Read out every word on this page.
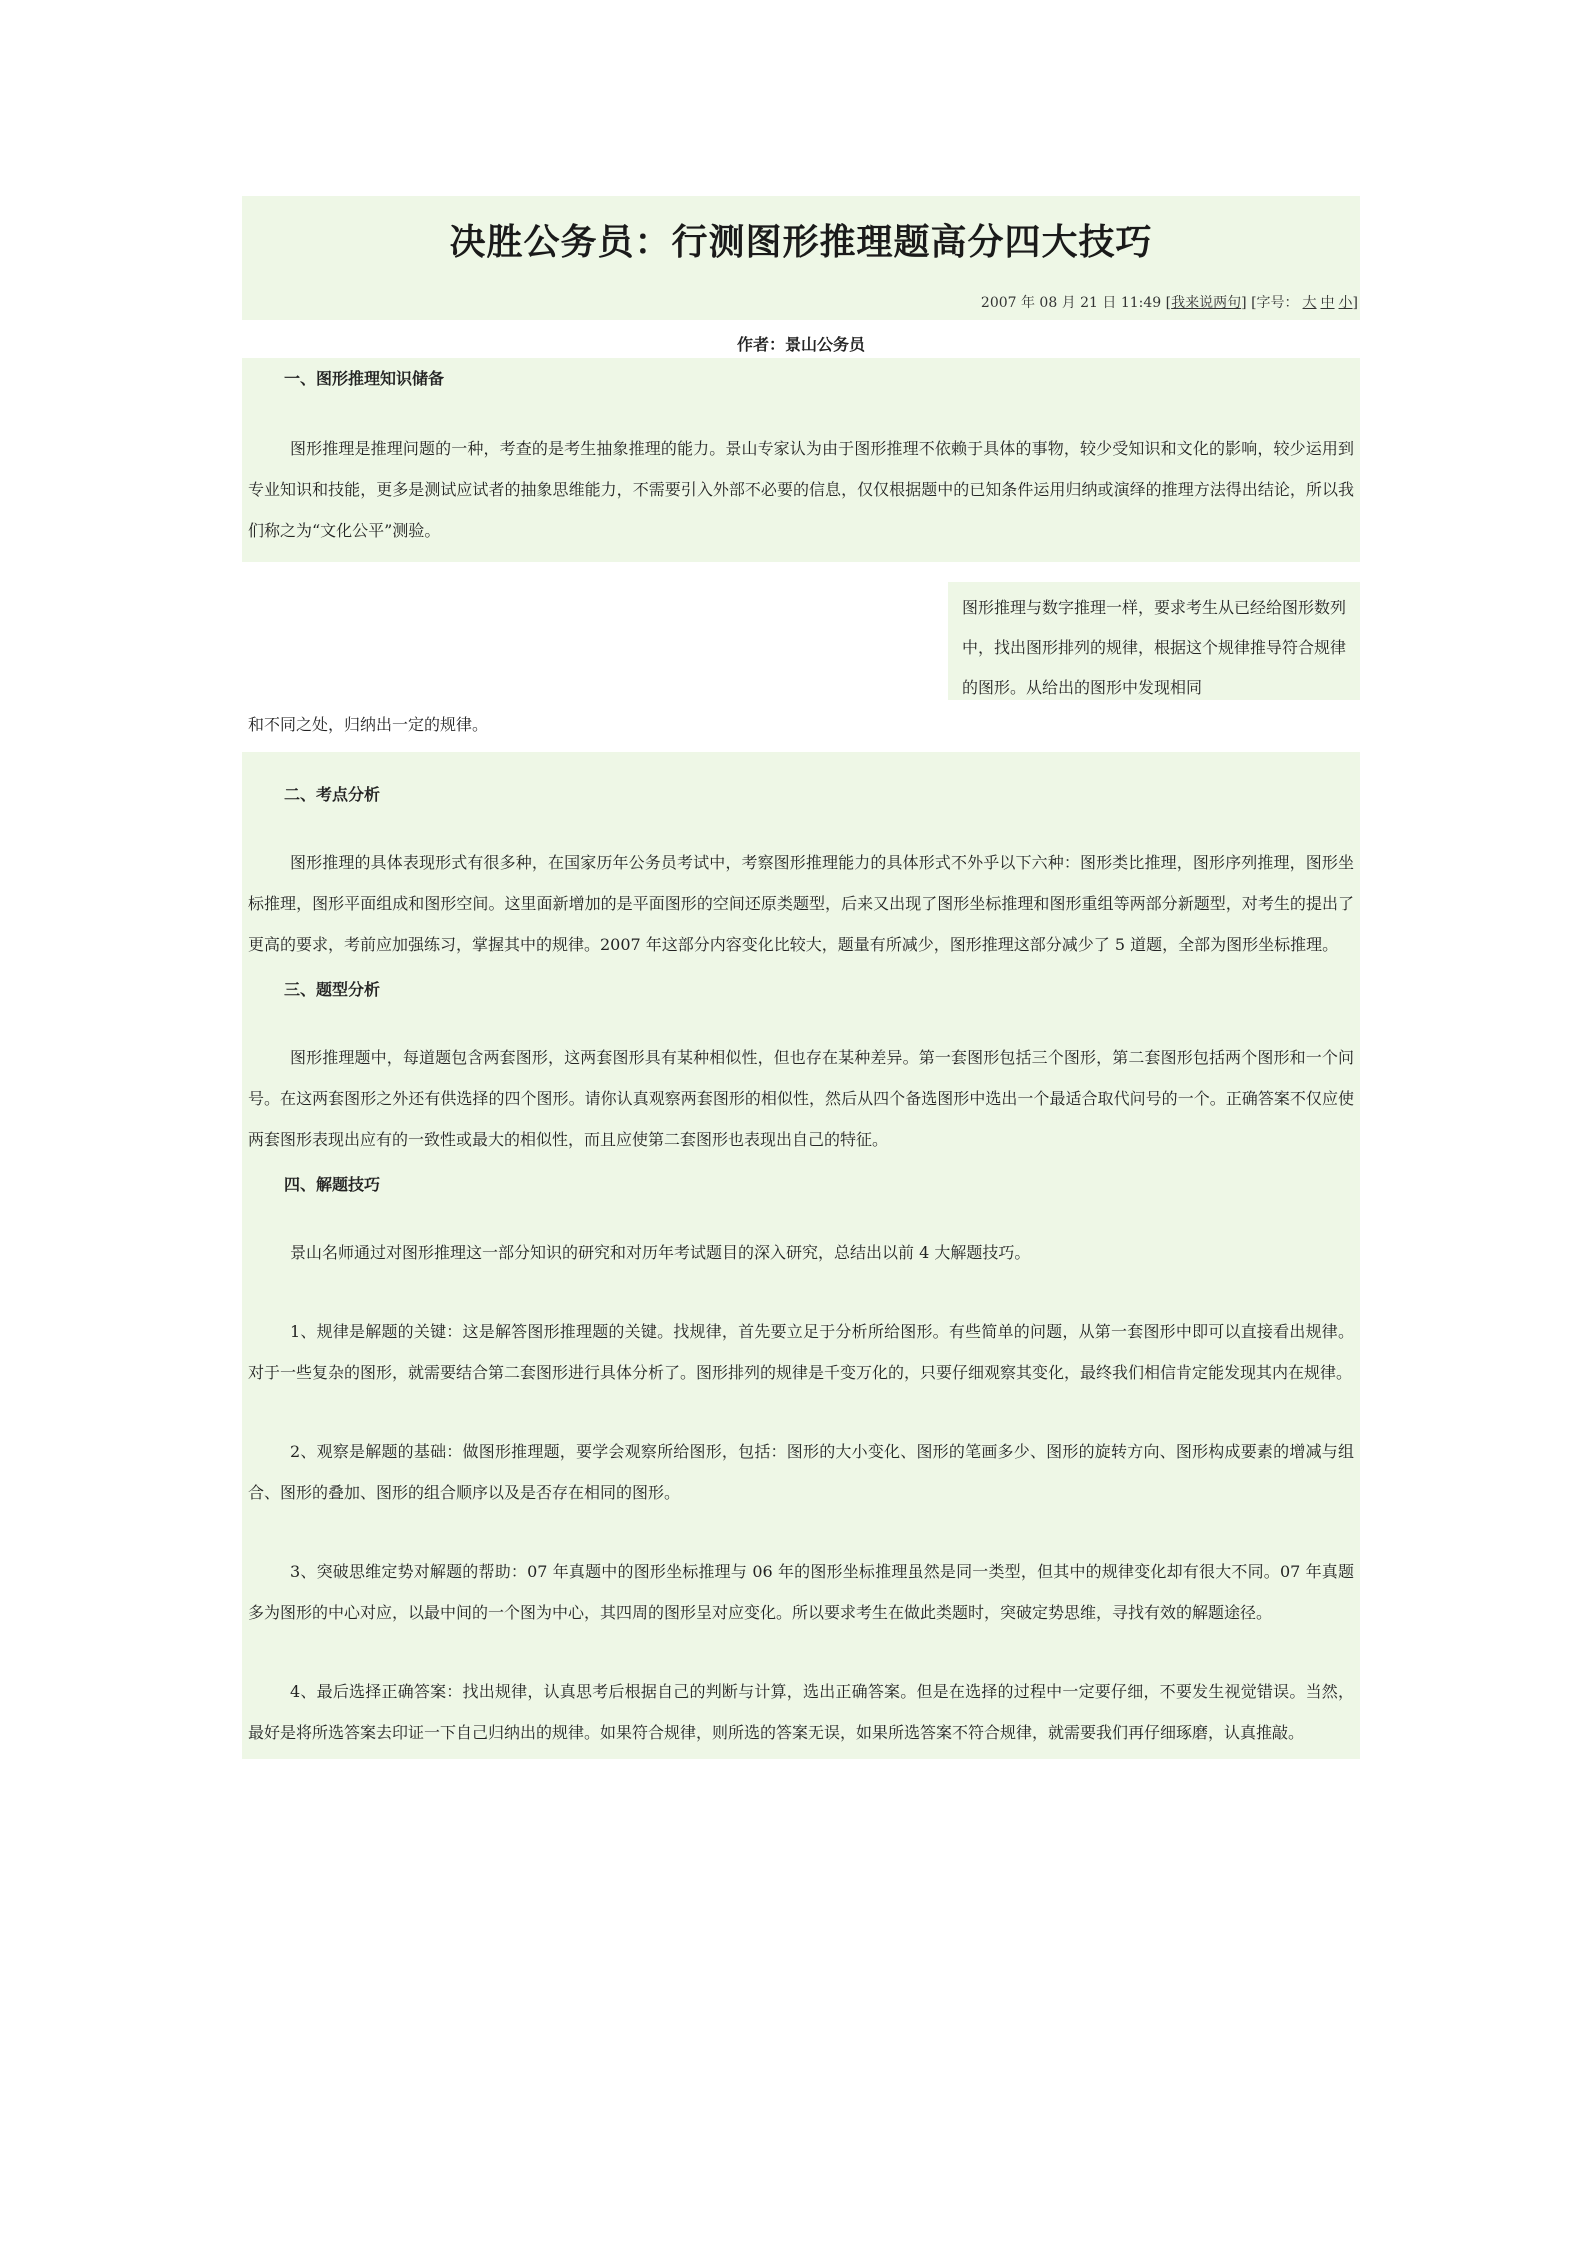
决胜公务员：行测图形推理题高分四大技巧
2007 年 08 月 21 日 11:49 [我来说两句] [字号： 大 中 小]
作者：景山公务员
一、图形推理知识储备

图形推理是推理问题的一种，考查的是考生抽象推理的能力。景山专家认为由于图形推理不依赖于具体的事物，较少受知识和文化的影响，较少运用到专业知识和技能，更多是测试应试者的抽象思维能力，不需要引入外部不必要的信息，仅仅根据题中的已知条件运用归纳或演绎的推理方法得出结论，所以我们称之为“文化公平”测验。

图形推理与数字推理一样，要求考生从已经给图形数列中，找出图形排列的规律，根据这个规律推导符合规律的图形。从给出的图形中发现相同

和不同之处，归纳出一定的规律。
二、考点分析

图形推理的具体表现形式有很多种，在国家历年公务员考试中，考察图形推理能力的具体形式不外乎以下六种：图形类比推理，图形序列推理，图形坐标推理，图形平面组成和图形空间。这里面新增加的是平面图形的空间还原类题型，后来又出现了图形坐标推理和图形重组等两部分新题型，对考生的提出了更高的要求，考前应加强练习，掌握其中的规律。2007 年这部分内容变化比较大，题量有所减少，图形推理这部分减少了 5 道题，全部为图形坐标推理。

三、题型分析

图形推理题中，每道题包含两套图形，这两套图形具有某种相似性，但也存在某种差异。第一套图形包括三个图形，第二套图形包括两个图形和一个问号。在这两套图形之外还有供选择的四个图形。请你认真观察两套图形的相似性，然后从四个备选图形中选出一个最适合取代问号的一个。正确答案不仅应使两套图形表现出应有的一致性或最大的相似性，而且应使第二套图形也表现出自己的特征。

四、解题技巧

景山名师通过对图形推理这一部分知识的研究和对历年考试题目的深入研究，总结出以前 4 大解题技巧。

1、规律是解题的关键：这是解答图形推理题的关键。找规律，首先要立足于分析所给图形。有些简单的问题，从第一套图形中即可以直接看出规律。对于一些复杂的图形，就需要结合第二套图形进行具体分析了。图形排列的规律是千变万化的，只要仔细观察其变化，最终我们相信肯定能发现其内在规律。

2、观察是解题的基础：做图形推理题，要学会观察所给图形，包括：图形的大小变化、图形的笔画多少、图形的旋转方向、图形构成要素的增减与组合、图形的叠加、图形的组合顺序以及是否存在相同的图形。

3、突破思维定势对解题的帮助：07 年真题中的图形坐标推理与 06 年的图形坐标推理虽然是同一类型，但其中的规律变化却有很大不同。07 年真题多为图形的中心对应，以最中间的一个图为中心，其四周的图形呈对应变化。所以要求考生在做此类题时，突破定势思维，寻找有效的解题途径。

4、最后选择正确答案：找出规律，认真思考后根据自己的判断与计算，选出正确答案。但是在选择的过程中一定要仔细，不要发生视觉错误。当然，最好是将所选答案去印证一下自己归纳出的规律。如果符合规律，则所选的答案无误，如果所选答案不符合规律，就需要我们再仔细琢磨，认真推敲。
